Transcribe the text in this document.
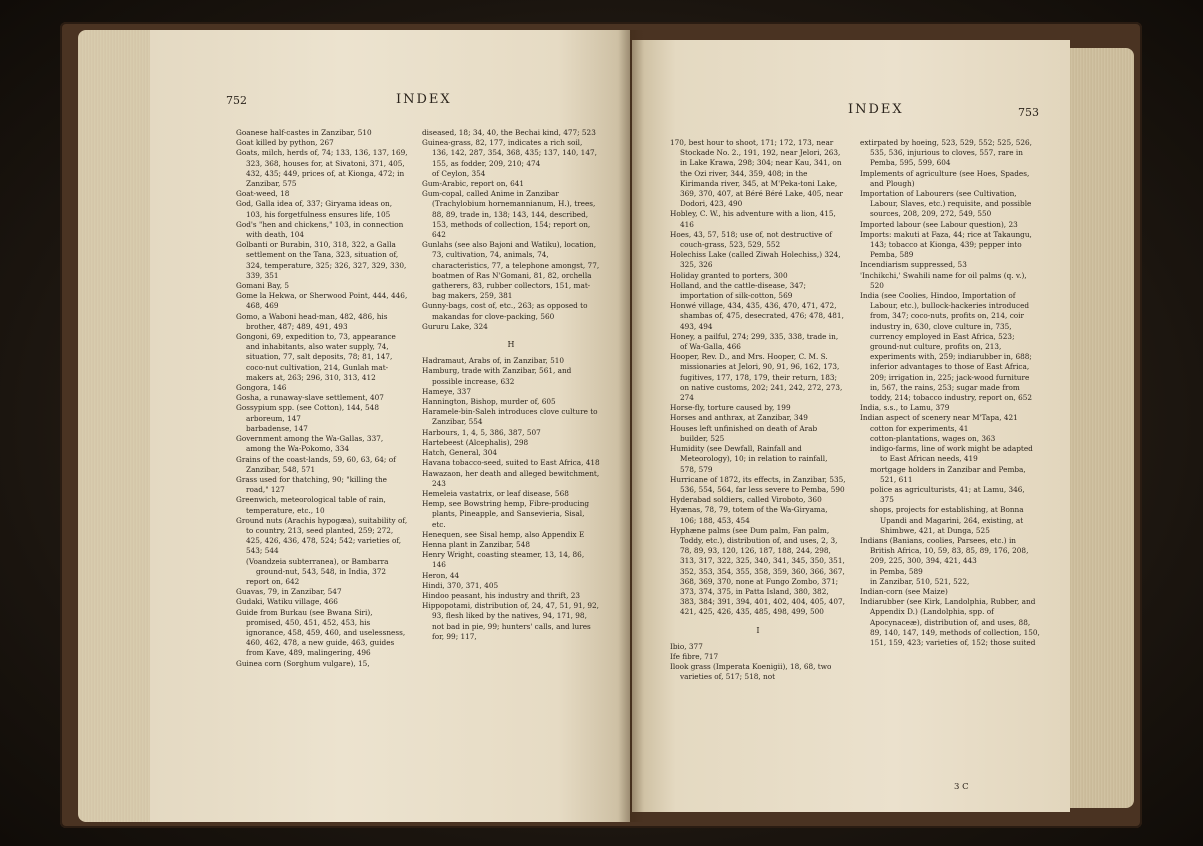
752	INDEX

Goanese half-castes in Zanzibar, 510

Goat killed by python, 267

Goats, milch, herds of, 74; 133, 136, 137, 169, 323, 368, houses for, at Sivatoni, 371, 405, 432, 435; 449, prices of, at Kionga, 472; in Zanzibar, 575

Goat-weed, 18

God, Galla idea of, 337; Giryama ideas on, 103, his forgetfulness ensures life, 105

God's "hen and chickens," 103, in connection with death, 104

Golbanti or Burabin, 310, 318, 322, a Galla settlement on the Tana, 323, situation of, 324, temperature, 325; 326, 327, 329, 330, 339, 351

Gomani Bay, 5

Gome la Hekwa, or Sherwood Point, 444, 446, 468, 469

Gomo, a Waboni head-man, 482, 486, his brother, 487; 489, 491, 493

Gongoni, 69, expedition to, 73, appearance and inhabitants, also water supply, 74, situation, 77, salt deposits, 78; 81, 147, coco-nut cultivation, 214, Gunlah mat-makers at, 263; 296, 310, 313, 412

Gongora, 146

Gosha, a runaway-slave settlement, 407

Gossypium spp. (see Cotton), 144, 548

arboreum, 147

barbadense, 147

Government among the Wa-Gallas, 337, among the Wa-Pokomo, 334

Grains of the coast-lands, 59, 60, 63, 64; of Zanzibar, 548, 571

Grass used for thatching, 90; "killing the road," 127

Greenwich, meteorological table of rain, temperature, etc., 10

Ground nuts (Arachis hypogæa), suitability of, to country, 213, seed planted, 259; 272, 425, 426, 436, 478, 524; 542; varieties of, 543; 544

(Voandzeia subterranea), or Bambarra ground-nut, 543, 548, in India, 372

report on, 642

Guavas, 79, in Zanzibar, 547

Gudaki, Watiku village, 466

Guide from Burkau (see Bwana Siri), promised, 450, 451, 452, 453, his ignorance, 458, 459, 460, and uselessness, 460, 462, 478, a new guide, 463, guides from Kave, 489, malingering, 496

Guinea corn (Sorghum vulgare), 15,

diseased, 18; 34, 40, the Bechai kind, 477; 523

Guinea-grass, 82, 177, indicates a rich soil, 136, 142, 287, 354, 368, 435; 137, 140, 147, 155, as fodder, 209, 210; 474

of Ceylon, 354

Gum-Arabic, report on, 641

Gum-copal, called Anime in Zanzibar (Trachylobium hornemannianum, H.), trees, 88, 89, trade in, 138; 143, 144, described, 153, methods of collection, 154; report on, 642

Gunlahs (see also Bajoni and Watiku), location, 73, cultivation, 74, animals, 74, characteristics, 77, a telephone amongst, 77, boatmen of Ras N'Gomani, 81, 82, orchella gatherers, 83, rubber collectors, 151, mat-bag makers, 259, 381

Gunny-bags, cost of, etc., 263; as opposed to makandas for clove-packing, 560

Gururu Lake, 324

H

Hadramaut, Arabs of, in Zanzibar, 510

Hamburg, trade with Zanzibar, 561, and possible increase, 632

Hameye, 337

Hannington, Bishop, murder of, 605

Haramele-bin-Saleh introduces clove culture to Zanzibar, 554

Harbours, 1, 4, 5, 386, 387, 507

Hartebeest (Alcephalis), 298

Hatch, General, 304

Havana tobacco-seed, suited to East Africa, 418

Hawazaon, her death and alleged bewitchment, 243

Hemeleia vastatrix, or leaf disease, 568

Hemp, see Bowstring hemp, Fibre-producing plants, Pineapple, and Sansevieria, Sisal, etc.

Henequen, see Sisal hemp, also Appendix E

Henna plant in Zanzibar, 548

Henry Wright, coasting steamer, 13, 14, 86, 146

Heron, 44

Hindi, 370, 371, 405

Hindoo peasant, his industry and thrift, 23

Hippopotami, distribution of, 24, 47, 51, 91, 92, 93, flesh liked by the natives, 94, 171, 98, not bad in pie, 99; hunters' calls, and lures for, 99; 117,

INDEX	753

170, best hour to shoot, 171; 172, 173, near Stockade No. 2., 191, 192, near Jelori, 263, in Lake Krawa, 298; 304; near Kau, 341, on the Ozi river, 344, 359, 408; in the Kirimanda river, 345, at M'Peka-toni Lake, 369, 370, 407, at Béré Béré Lake, 405, near Dodori, 423, 490

Hobley, C. W., his adventure with a lion, 415, 416

Hoes, 43, 57, 518; use of, not destructive of couch-grass, 523, 529, 552

Holechiss Lake (called Ziwah Holechiss,) 324, 325, 326

Holiday granted to porters, 300

Holland, and the cattle-disease, 347; importation of silk-cotton, 569

Honwé village, 434, 435, 436, 470, 471, 472, shambas of, 475, desecrated, 476; 478, 481, 493, 494

Honey, a pailful, 274; 299, 335, 338, trade in, of Wa-Galla, 466

Hooper, Rev. D., and Mrs. Hooper, C. M. S. missionaries at Jelori, 90, 91, 96, 162, 173, fugitives, 177, 178, 179, their return, 183; on native customs, 202; 241, 242, 272, 273, 274

Horse-fly, torture caused by, 199

Horses and anthrax, at Zanzibar, 349

Houses left unfinished on death of Arab builder, 525

Humidity (see Dewfall, Rainfall and Meteorology), 10; in relation to rainfall, 578, 579

Hurricane of 1872, its effects, in Zanzibar, 535, 536, 554, 564, far less severe to Pemba, 590

Hyderabad soldiers, called Viroboto, 360

Hyænas, 78, 79, totem of the Wa-Giryama, 106; 188, 453, 454

Hyphæne palms (see Dum palm, Fan palm, Toddy, etc.), distribution of, and uses, 2, 3, 78, 89, 93, 120, 126, 187, 188, 244, 298, 313, 317, 322, 325, 340, 341, 345, 350, 351, 352, 353, 354, 355, 358, 359, 360, 366, 367, 368, 369, 370, none at Fungo Zombo, 371; 373, 374, 375, in Patta Island, 380, 382, 383, 384; 391, 394, 401, 402, 404, 405, 407, 421, 425, 426, 435, 485, 498, 499, 500

I

Ibio, 377

Ife fibre, 717

Ilook grass (Imperata Koenigii), 18, 68, two varieties of, 517; 518, not

extirpated by hoeing, 523, 529, 552; 525, 526, 535, 536, injurious to cloves, 557, rare in Pemba, 595, 599, 604

Implements of agriculture (see Hoes, Spades, and Plough)

Importation of Labourers (see Cultivation, Labour, Slaves, etc.) requisite, and possible sources, 208, 209, 272, 549, 550

Imported labour (see Labour question), 23

Imports: makuti at Faza, 44; rice at Takaungu, 143; tobacco at Kionga, 439; pepper into Pemba, 589

Incendiarism suppressed, 53

'Inchikchi,' Swahili name for oil palms (q. v.), 520

India (see Coolies, Hindoo, Importation of Labour, etc.), bullock-hackeries introduced from, 347; coco-nuts, profits on, 214, coir industry in, 630, clove culture in, 735, currency employed in East Africa, 523; ground-nut culture, profits on, 213, experiments with, 259; indiarubber in, 688; inferior advantages to those of East Africa, 209; irrigation in, 225; jack-wood furniture in, 567, the rains, 253; sugar made from toddy, 214; tobacco industry, report on, 652

India, s.s., to Lamu, 379

Indian aspect of scenery near M'Tapa, 421

cotton for experiments, 41

cotton-plantations, wages on, 363

indigo-farms, line of work might be adapted to East African needs, 419

mortgage holders in Zanzibar and Pemba, 521, 611

police as agriculturists, 41; at Lamu, 346, 375

shops, projects for establishing, at Bonna Upandi and Magarini, 264, existing, at Shimbwe, 421, at Dunga, 525

Indians (Banians, coolies, Parsees, etc.) in British Africa, 10, 59, 83, 85, 89, 176, 208, 209, 225, 300, 394, 421, 443

in Pemba, 589

in Zanzibar, 510, 521, 522,

Indian-corn (see Maize)

Indiarubber (see Kirk, Landolphia, Rubber, and Appendix D.) (Landolphia, spp. of Apocynaceæ), distribution of, and uses, 88, 89, 140, 147, 149, methods of collection, 150, 151, 159, 423; varieties of, 152; those suited

3 C
